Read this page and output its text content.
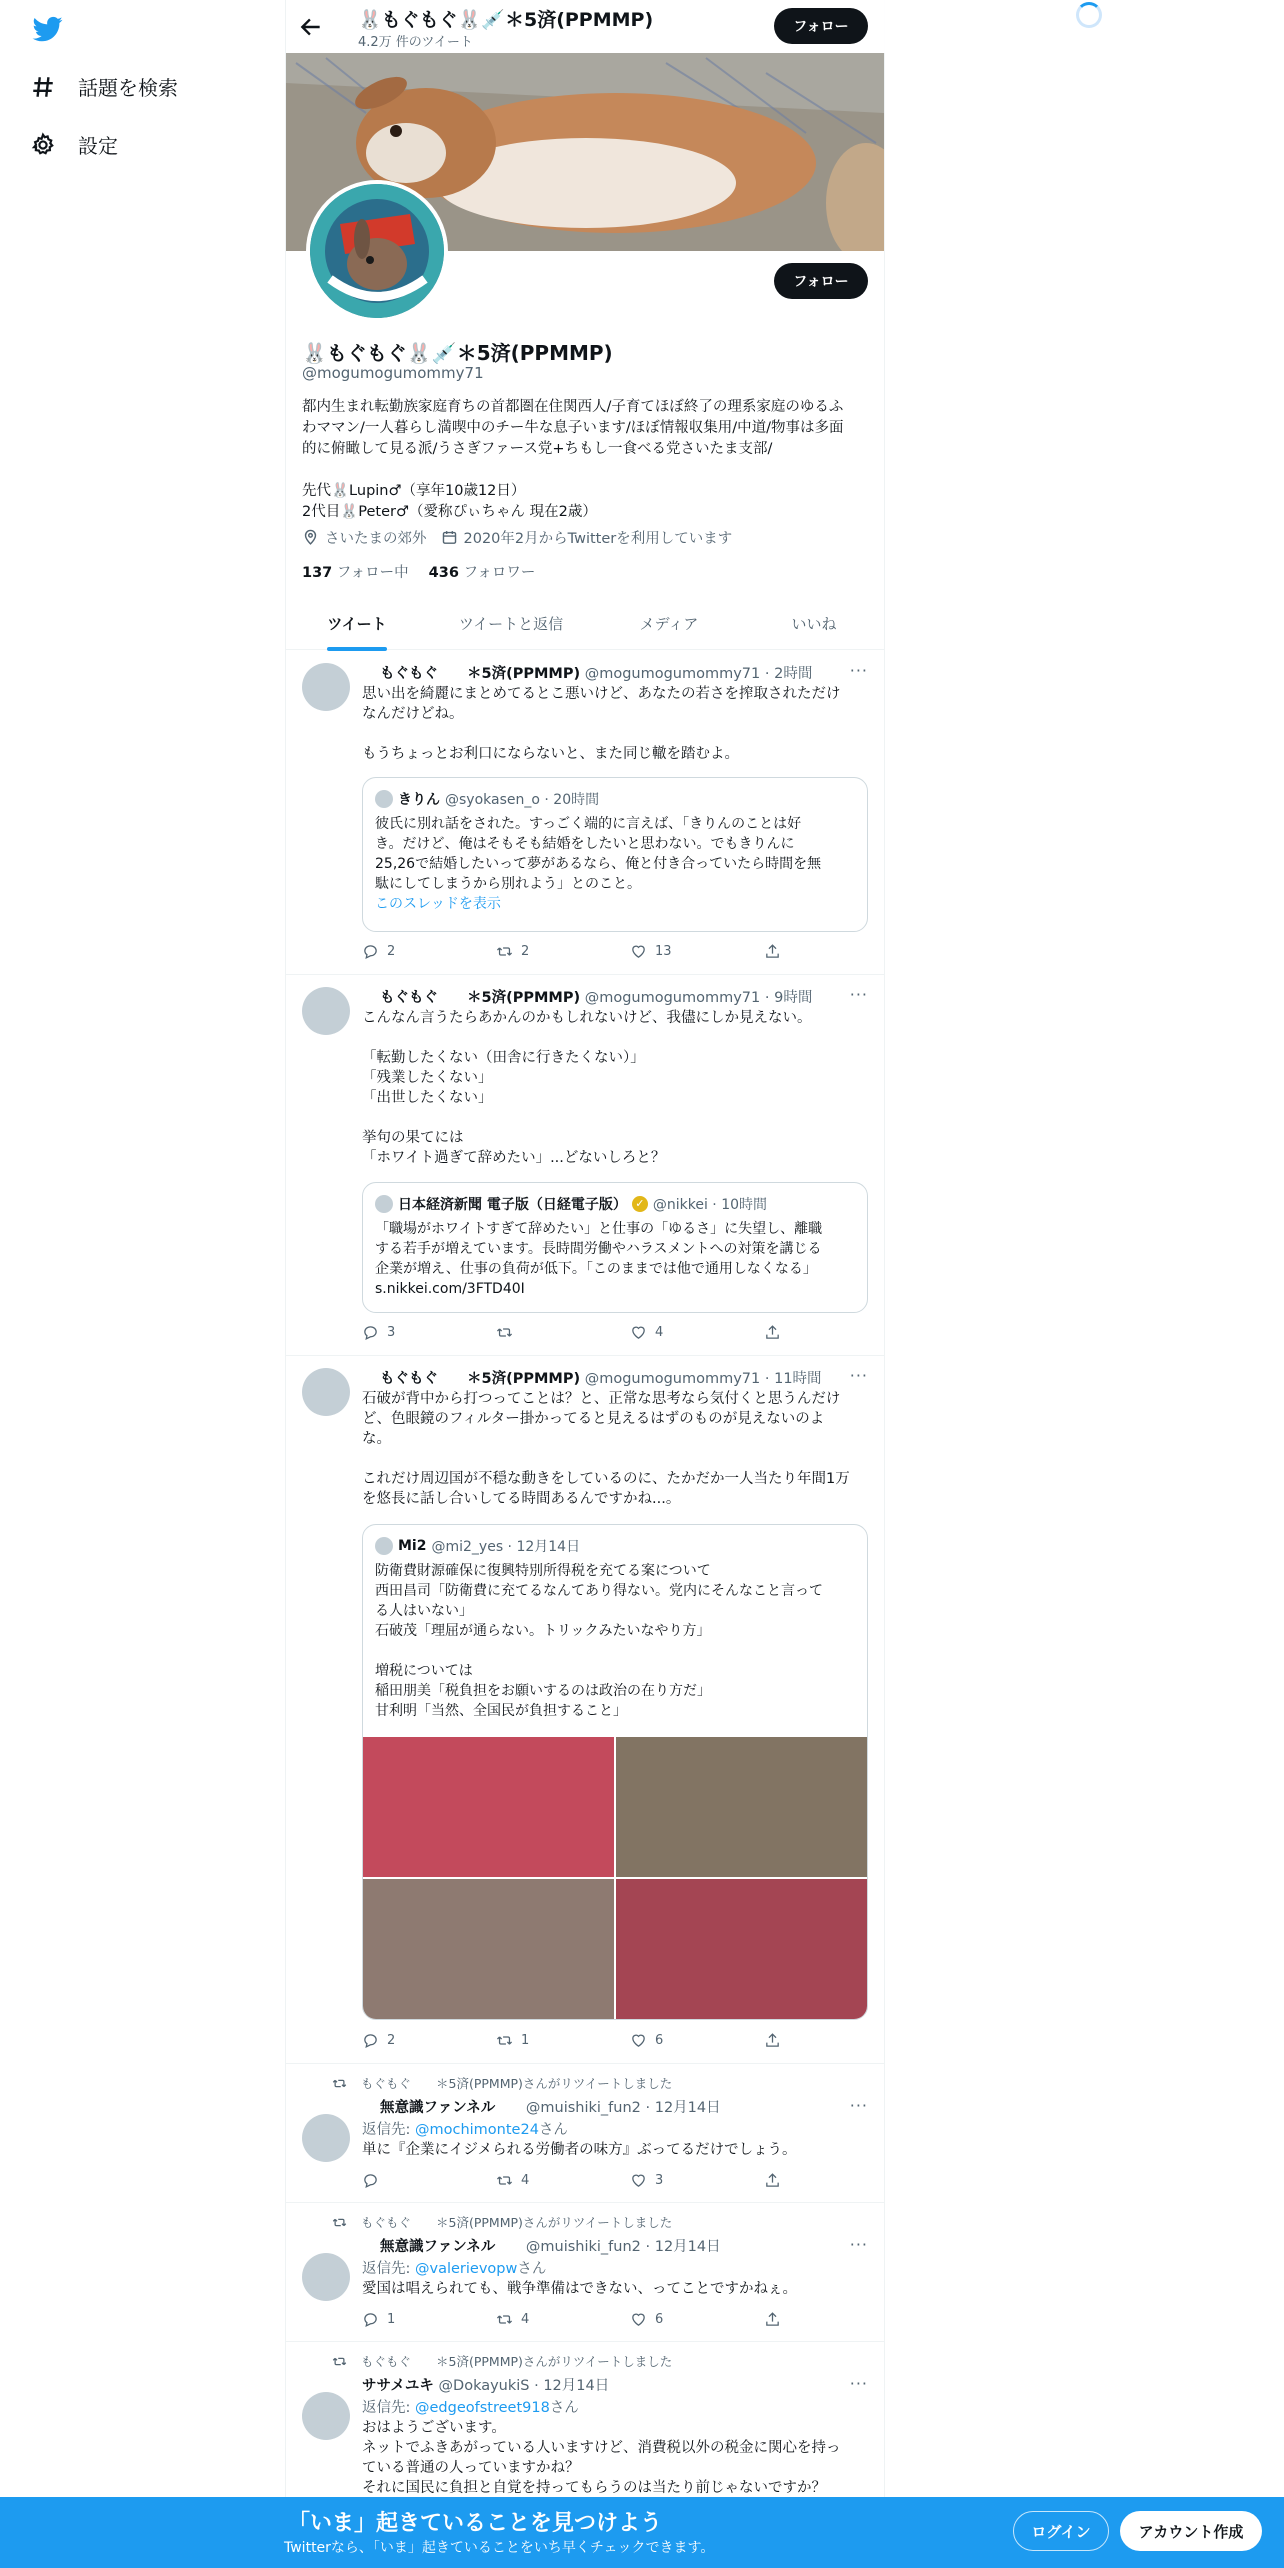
話題を検索
設定
🐰もぐもぐ🐰💉＊5済(PPMMP)
4.2万 件のツイート
フォロー
フォロー
🐰もぐもぐ🐰💉＊5済(PPMMP)
@mogumogumommy71

都内生まれ転勤族家庭育ちの首都圏在住関西人/子育てほぼ終了の理系家庭のゆるふ

わママン/一人暮らし満喫中のチー牛な息子います/ほぼ情報収集用/中道/物事は多面

的に俯瞰して見る派/うさぎファース党+ちもし一食べる党さいたま支部/

先代🐰Lupin♂（享年10歳12日）

2代目🐰Peter♂（愛称ぴぃちゃん 現在2歳）

さいたまの郊外	2020年2月からTwitterを利用しています
137 フォロー中 436 フォロワー
ツイート	ツイートと返信	メディア	いいね
もぐもぐ　　＊5済(PPMMP) @mogumogumommy71 · 2時間 ···

思い出を綺麗にまとめてるとこ悪いけど、あなたの若さを搾取されただけ

なんだけどね。

もうちょっとお利口にならないと、また同じ轍を踏むよ。

きりん @syokasen_o · 20時間

彼氏に別れ話をされた。すっごく端的に言えば、「きりんのことは好

き。だけど、俺はそもそも結婚をしたいと思わない。でもきりんに

25,26で結婚したいって夢があるなら、俺と付き合っていたら時間を無

駄にしてしまうから別れよう」とのこと。

このスレッドを表示

2	2	13
もぐもぐ　　＊5済(PPMMP) @mogumogumommy71 · 9時間 ···

こんなん言うたらあかんのかもしれないけど、我儘にしか見えない。

「転勤したくない（田舎に行きたくない）」

「残業したくない」

「出世したくない」

挙句の果てには

「ホワイト過ぎて辞めたい」...どないしろと？

日本経済新聞 電子版（日経電子版） ✓ @nikkei · 10時間

「職場がホワイトすぎて辞めたい」と仕事の「ゆるさ」に失望し、離職

する若手が増えています。長時間労働やハラスメントへの対策を講じる

企業が増え、仕事の負荷が低下。「このままでは他で通用しなくなる」

s.nikkei.com/3FTD40I

3	4
もぐもぐ　　＊5済(PPMMP) @mogumogumommy71 · 11時間 ···

石破が背中から打つってことは？と、正常な思考なら気付くと思うんだけ

ど、色眼鏡のフィルター掛かってると見えるはずのものが見えないのよ

な。

これだけ周辺国が不穏な動きをしているのに、たかだか一人当たり年間1万

を悠長に話し合いしてる時間あるんですかね...。

Mi2 @mi2_yes · 12月14日

防衛費財源確保に復興特別所得税を充てる案について

西田昌司「防衛費に充てるなんてあり得ない。党内にそんなこと言って

る人はいない」

石破茂「理屈が通らない。トリックみたいなやり方」

増税については

稲田朋美「税負担をお願いするのは政治の在り方だ」

甘利明「当然、全国民が負担すること」

2	1	6
もぐもぐ　　＊5済(PPMMP)さんがリツイートしました
無意識ファンネル @muishiki_fun2 · 12月14日	···
返信先: @mochimonte24さん

単に『企業にイジメられる労働者の味方』ぶってるだけでしょう。

4	3
もぐもぐ　　＊5済(PPMMP)さんがリツイートしました
無意識ファンネル @muishiki_fun2 · 12月14日	···
返信先: @valerievopwさん

愛国は唱えられても、戦争準備はできない、ってことですかねぇ。

1	4	6
もぐもぐ　　＊5済(PPMMP)さんがリツイートしました
ササメユキ @DokayukiS · 12月14日	···
返信先: @edgeofstreet918さん

おはようございます。

ネットでふきあがっている人いますけど、消費税以外の税金に関心を持っ

ている普通の人っていますかね？

それに国民に負担と自覚を持ってもらうのは当たり前じゃないですか？

「いま」起きていることを見つけよう
Twitterなら、「いま」起きていることをいち早くチェックできます。
ログイン	アカウント作成
